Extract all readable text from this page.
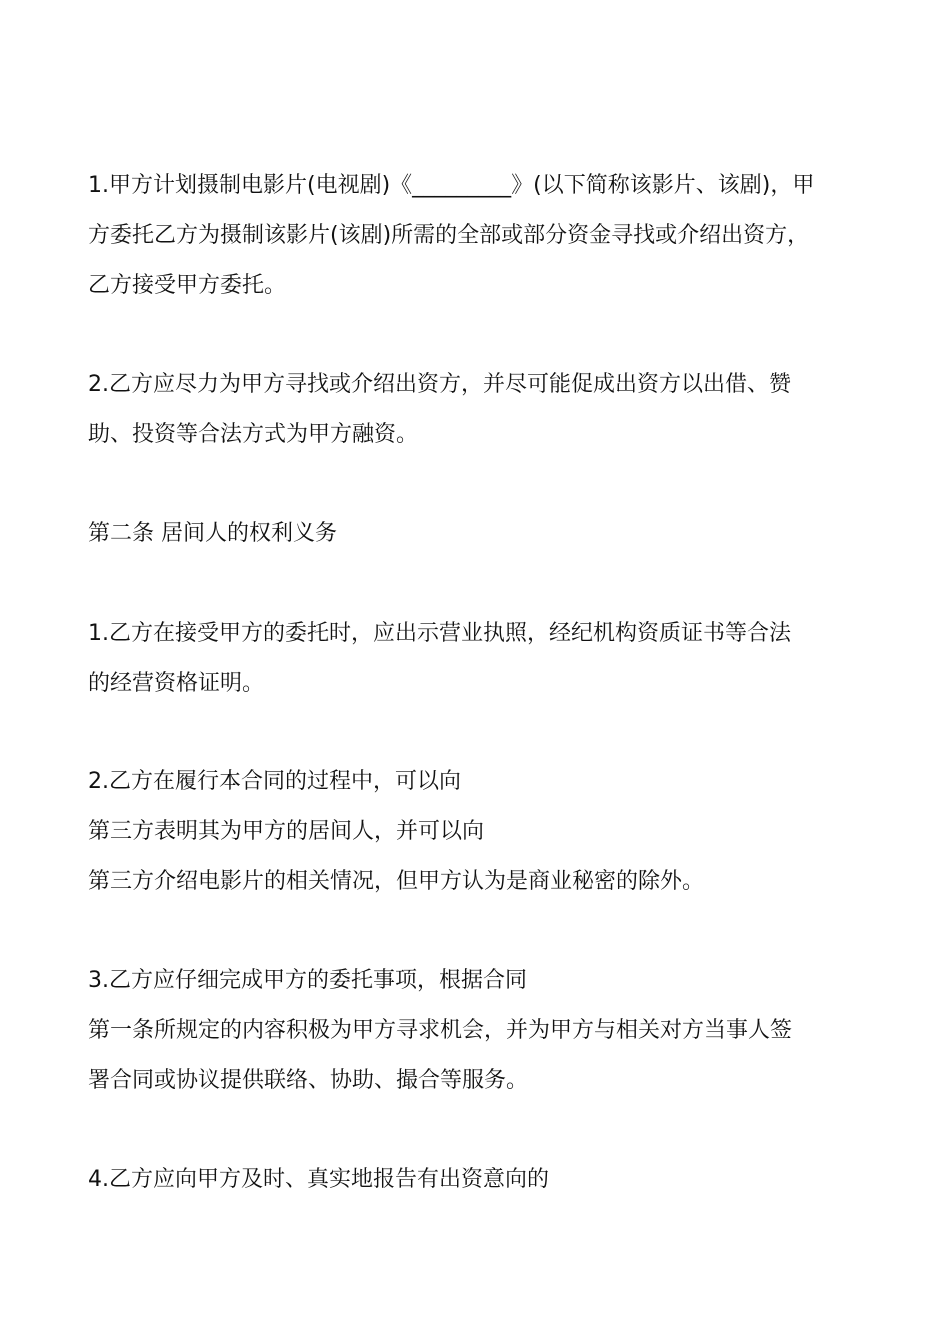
1.甲方计划摄制电影片(电视剧)《_________》(以下简称该影片、该剧)，甲
方委托乙方为摄制该影片(该剧)所需的全部或部分资金寻找或介绍出资方，
乙方接受甲方委托。
2.乙方应尽力为甲方寻找或介绍出资方，并尽可能促成出资方以出借、赞
助、投资等合法方式为甲方融资。
第二条 居间人的权利义务
1.乙方在接受甲方的委托时，应出示营业执照，经纪机构资质证书等合法
的经营资格证明。
2.乙方在履行本合同的过程中，可以向
第三方表明其为甲方的居间人，并可以向
第三方介绍电影片的相关情况，但甲方认为是商业秘密的除外。
3.乙方应仔细完成甲方的委托事项，根据合同
第一条所规定的内容积极为甲方寻求机会，并为甲方与相关对方当事人签
署合同或协议提供联络、协助、撮合等服务。
4.乙方应向甲方及时、真实地报告有出资意向的
